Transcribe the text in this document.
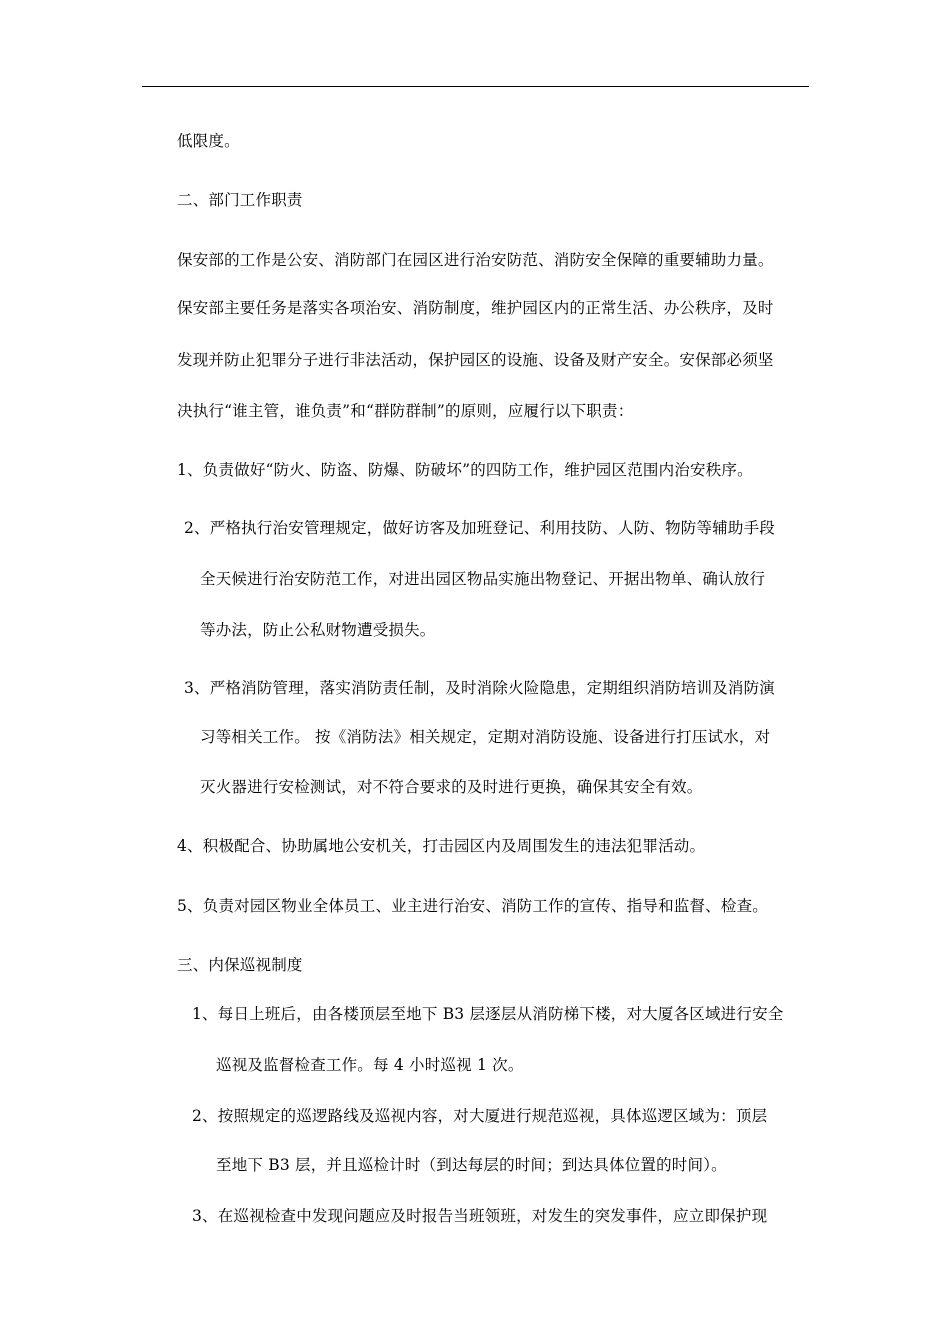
低限度。
二、部门工作职责
保安部的工作是公安、消防部门在园区进行治安防范、消防安全保障的重要辅助力量。
保安部主要任务是落实各项治安、消防制度，维护园区内的正常生活、办公秩序，及时
发现并防止犯罪分子进行非法活动，保护园区的设施、设备及财产安全。安保部必须坚
决执行“谁主管，谁负责”和“群防群制”的原则，应履行以下职责：
1、负责做好“防火、防盗、防爆、防破坏”的四防工作，维护园区范围内治安秩序。
2、严格执行治安管理规定，做好访客及加班登记、利用技防、人防、物防等辅助手段
全天候进行治安防范工作，对进出园区物品实施出物登记、开据出物单、确认放行
等办法，防止公私财物遭受损失。
3、严格消防管理，落实消防责任制，及时消除火险隐患，定期组织消防培训及消防演
习等相关工作。 按《消防法》相关规定，定期对消防设施、设备进行打压试水，对
灭火器进行安检测试，对不符合要求的及时进行更换，确保其安全有效。
4、积极配合、协助属地公安机关，打击园区内及周围发生的违法犯罪活动。
5、负责对园区物业全体员工、业主进行治安、消防工作的宣传、指导和监督、检查。
三、内保巡视制度
1、每日上班后，由各楼顶层至地下 B3 层逐层从消防梯下楼，对大厦各区域进行安全
巡视及监督检查工作。每 4 小时巡视 1 次。
2、按照规定的巡逻路线及巡视内容，对大厦进行规范巡视，具体巡逻区域为：顶层
至地下 B3 层，并且巡检计时（到达每层的时间；到达具体位置的时间）。
3、在巡视检查中发现问题应及时报告当班领班，对发生的突发事件，应立即保护现
